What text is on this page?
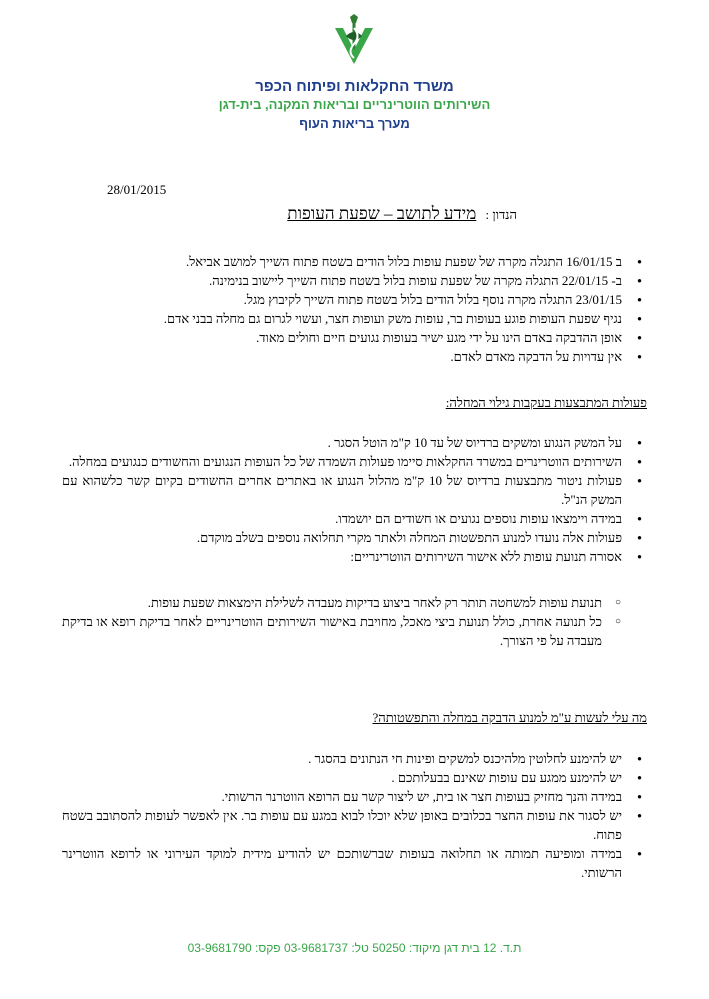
משרד החקלאות ופיתוח הכפר
השירותים הווטרינריים ובריאות המקנה, בית-דגן
מערך בריאות העוף
28/01/2015
הנדון : מידע לתושב – שפעת העופות
● ב 16/01/15 התגלה מקרה של שפעת עופות בלול הודים בשטח פתוח השייך למושב אביאל.
● ב- 22/01/15 התגלה מקרה של שפעת עופות בלול בשטח פתוח השייך ליישוב בנימינה.
● 23/01/15 התגלה מקרה נוסף בלול הודים בלול בשטח פתוח השייך לקיבוץ מגל.
● נגיף שפעת העופות פוגע בעופות בר, עופות משק ועופות חצר, ועשוי לגרום גם מחלה בבני אדם.
● אופן ההדבקה באדם הינו על ידי מגע ישיר בעופות נגועים חיים וחולים מאוד.
● אין עדויות על הדבקה מאדם לאדם.
פעולות המתבצעות בעקבות גילוי המחלה:
● על המשק הנגוע ומשקים ברדיוס של עד 10 ק"מ הוטל הסגר .
● השירותים הווטרינרים במשרד החקלאות סיימו פעולות השמדה של כל העופות הנגועים והחשודים כנגועים במחלה.
● פעולות ניטור מתבצעות ברדיוס של 10 ק"מ מהלול הנגוע או באתרים אחרים החשודים בקיום קשר כלשהוא עם המשק הנ"ל.
● במידה ויימצאו עופות נוספים נגועים או חשודים הם יושמדו.
● פעולות אלה נועדו למנוע התפשטות המחלה ולאתר מקרי תחלואה נוספים בשלב מוקדם.
● אסורה תנועת עופות ללא אישור השירותים הווטרינריים:
○ תנועת עופות למשחטה תותר רק לאחר ביצוע בדיקות מעבדה לשלילת הימצאות שפעת עופות.
○ כל תנועה אחרת, כולל תנועת ביצי מאכל, מחויבת באישור השירותים הווטרינריים לאחר בדיקת רופא או בדיקת מעבדה על פי הצורך.
מה עלי לעשות ע"מ למנוע הדבקה במחלה והתפשטותה?
● יש להימנע לחלוטין מלהיכנס למשקים ופינות חי הנתונים בהסגר .
● יש להימנע ממגע עם עופות שאינם בבעלותכם .
● במידה והנך מחזיק בעופות חצר או בית, יש ליצור קשר עם הרופא הווטרנר הרשותי.
● יש לסגור את עופות החצר בכלובים באופן שלא יוכלו לבוא במגע עם עופות בר. אין לאפשר לעופות להסתובב בשטח פתוח.
● במידה ומופיעה תמותה או תחלואה בעופות שברשותכם יש להודיע מידית למוקד העירוני או לרופא הווטרינר הרשותי.
ת.ד. 12 בית דגן מיקוד: 50250 טל: 03-9681737 פקס: 03-9681790
